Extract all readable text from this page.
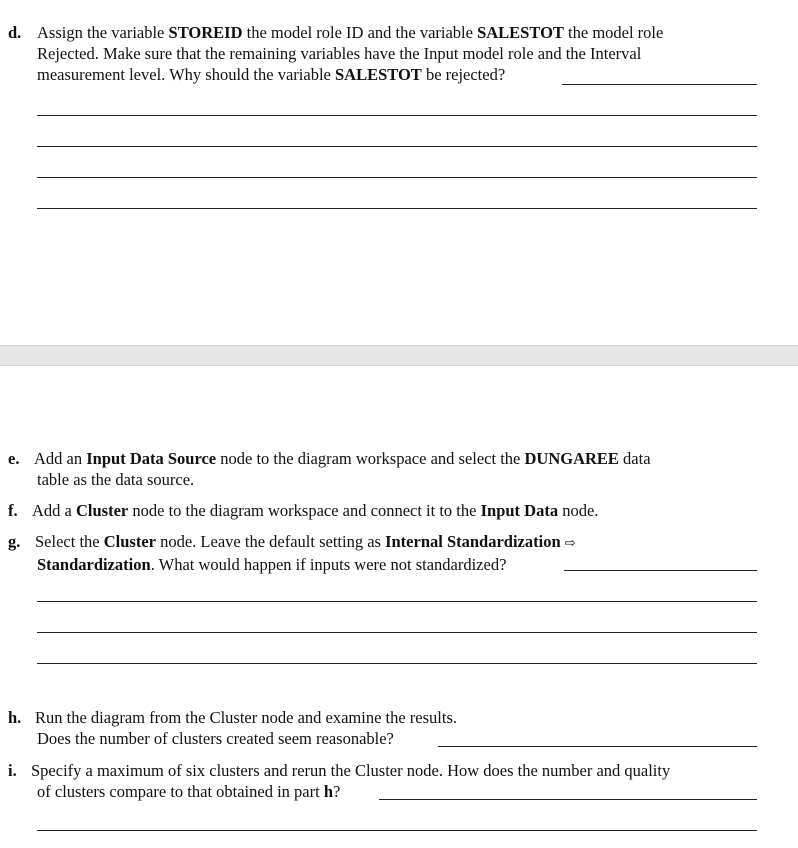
d. Assign the variable STOREID the model role ID and the variable SALESTOT the model role
Rejected. Make sure that the remaining variables have the Input model role and the Interval
measurement level. Why should the variable SALESTOT be rejected?
e. Add an Input Data Source node to the diagram workspace and select the DUNGAREE data
table as the data source.
f. Add a Cluster node to the diagram workspace and connect it to the Input Data node.
g. Select the Cluster node. Leave the default setting as Internal Standardization ⇨
Standardization. What would happen if inputs were not standardized?
h. Run the diagram from the Cluster node and examine the results.
Does the number of clusters created seem reasonable?
i. Specify a maximum of six clusters and rerun the Cluster node. How does the number and quality
of clusters compare to that obtained in part h?
